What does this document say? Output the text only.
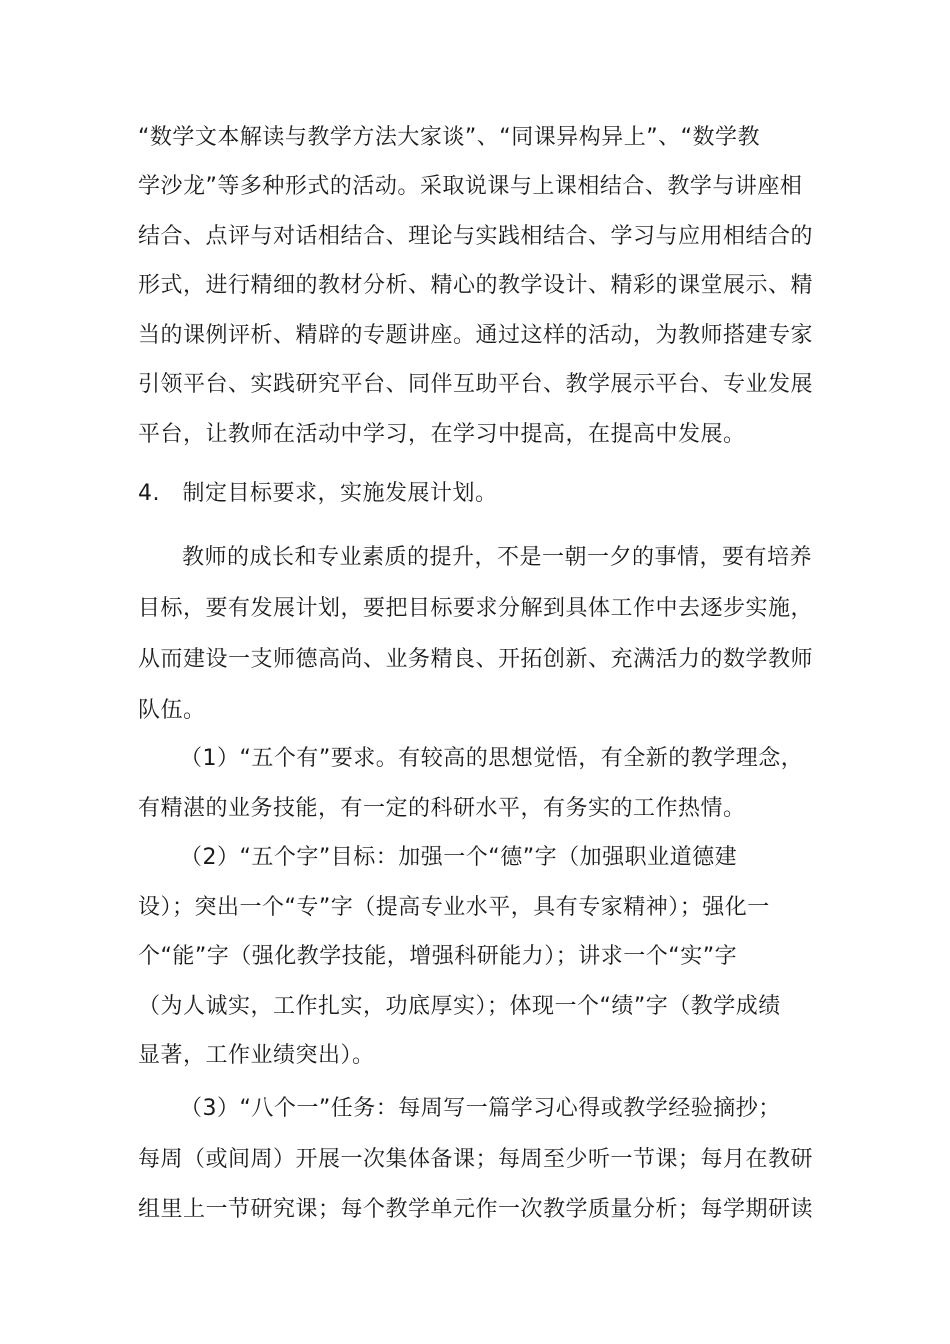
“数学文本解读与教学方法大家谈”、“同课异构异上”、“数学教
学沙龙”等多种形式的活动。采取说课与上课相结合、教学与讲座相
结合、点评与对话相结合、理论与实践相结合、学习与应用相结合的
形式，进行精细的教材分析、精心的教学设计、精彩的课堂展示、精
当的课例评析、精辟的专题讲座。通过这样的活动，为教师搭建专家
引领平台、实践研究平台、同伴互助平台、教学展示平台、专业发展
平台，让教师在活动中学习，在学习中提高，在提高中发展。
4.　制定目标要求，实施发展计划。
教师的成长和专业素质的提升，不是一朝一夕的事情，要有培养
目标，要有发展计划，要把目标要求分解到具体工作中去逐步实施，
从而建设一支师德高尚、业务精良、开拓创新、充满活力的数学教师
队伍。
（1）“五个有”要求。有较高的思想觉悟，有全新的教学理念，
有精湛的业务技能，有一定的科研水平，有务实的工作热情。
（2）“五个字”目标：加强一个“德”字（加强职业道德建
设）；突出一个“专”字（提高专业水平，具有专家精神）；强化一
个“能”字（强化教学技能，增强科研能力）；讲求一个“实”字
（为人诚实，工作扎实，功底厚实）；体现一个“绩”字（教学成绩
显著，工作业绩突出）。
（3）“八个一”任务：每周写一篇学习心得或教学经验摘抄；
每周（或间周）开展一次集体备课；每周至少听一节课；每月在教研
组里上一节研究课；每个教学单元作一次教学质量分析；每学期研读
